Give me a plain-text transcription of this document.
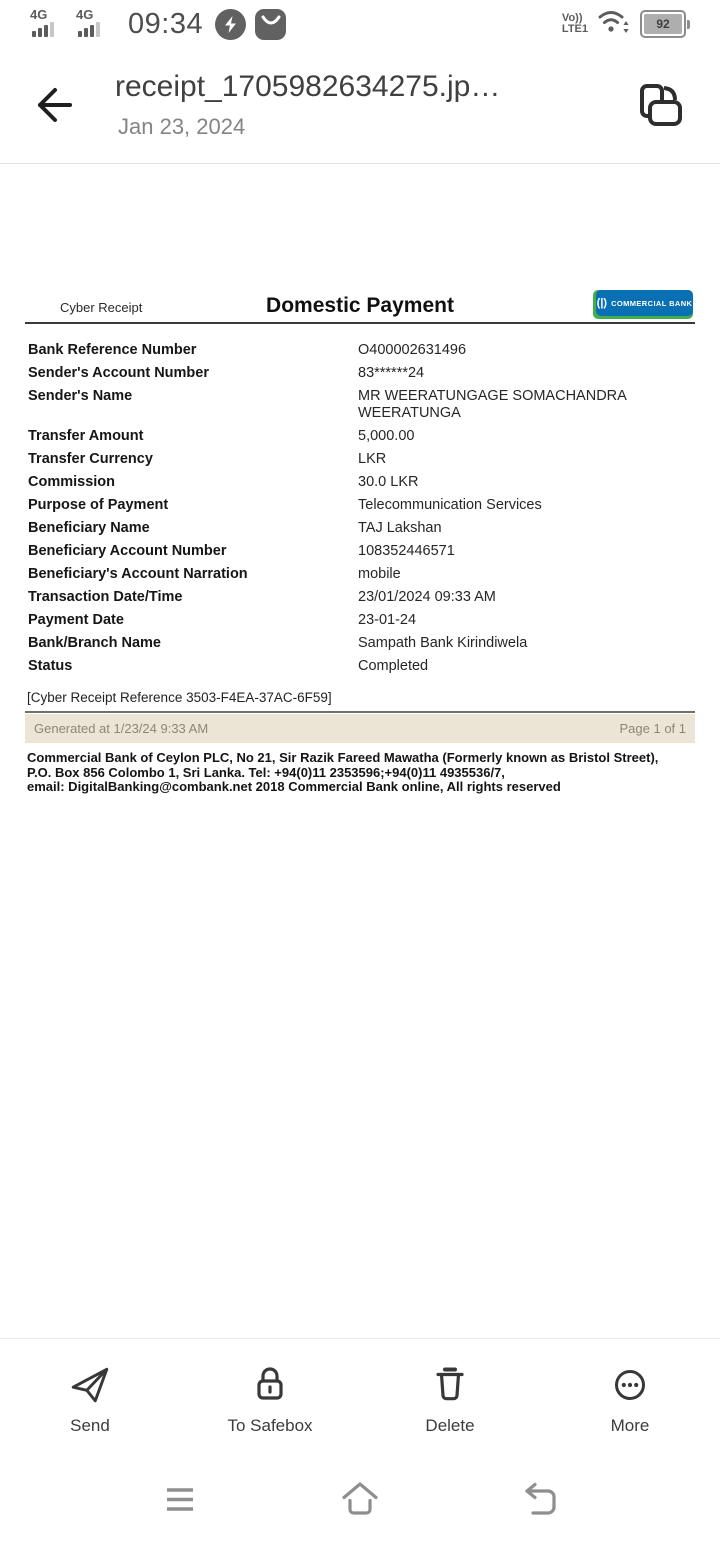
4G 4G 09:34	Vo))
LTE1	92
receipt_1705982634275.jp…
Jan 23, 2024
Cyber Receipt	Domestic Payment	(|) COMMERCIAL BANK
Bank Reference Number	O400002631496
Sender's Account Number	83******24
Sender's Name	MR WEERATUNGAGE SOMACHANDRA WEERATUNGA
Transfer Amount	5,000.00
Transfer Currency	LKR
Commission	30.0 LKR
Purpose of Payment	Telecommunication Services
Beneficiary Name	TAJ Lakshan
Beneficiary Account Number	108352446571
Beneficiary's Account Narration	mobile
Transaction Date/Time	23/01/2024 09:33 AM
Payment Date	23-01-24
Bank/Branch Name	Sampath Bank Kirindiwela
Status	Completed
[Cyber Receipt Reference 3503-F4EA-37AC-6F59]
Generated at 1/23/24 9:33 AM	Page 1 of 1
Commercial Bank of Ceylon PLC, No 21, Sir Razik Fareed Mawatha (Formerly known as Bristol Street),
P.O. Box 856 Colombo 1, Sri Lanka. Tel: +94(0)11 2353596;+94(0)11 4935536/7,
email: DigitalBanking@combank.net 2018 Commercial Bank online, All rights reserved
Send	To Safebox	Delete	More
